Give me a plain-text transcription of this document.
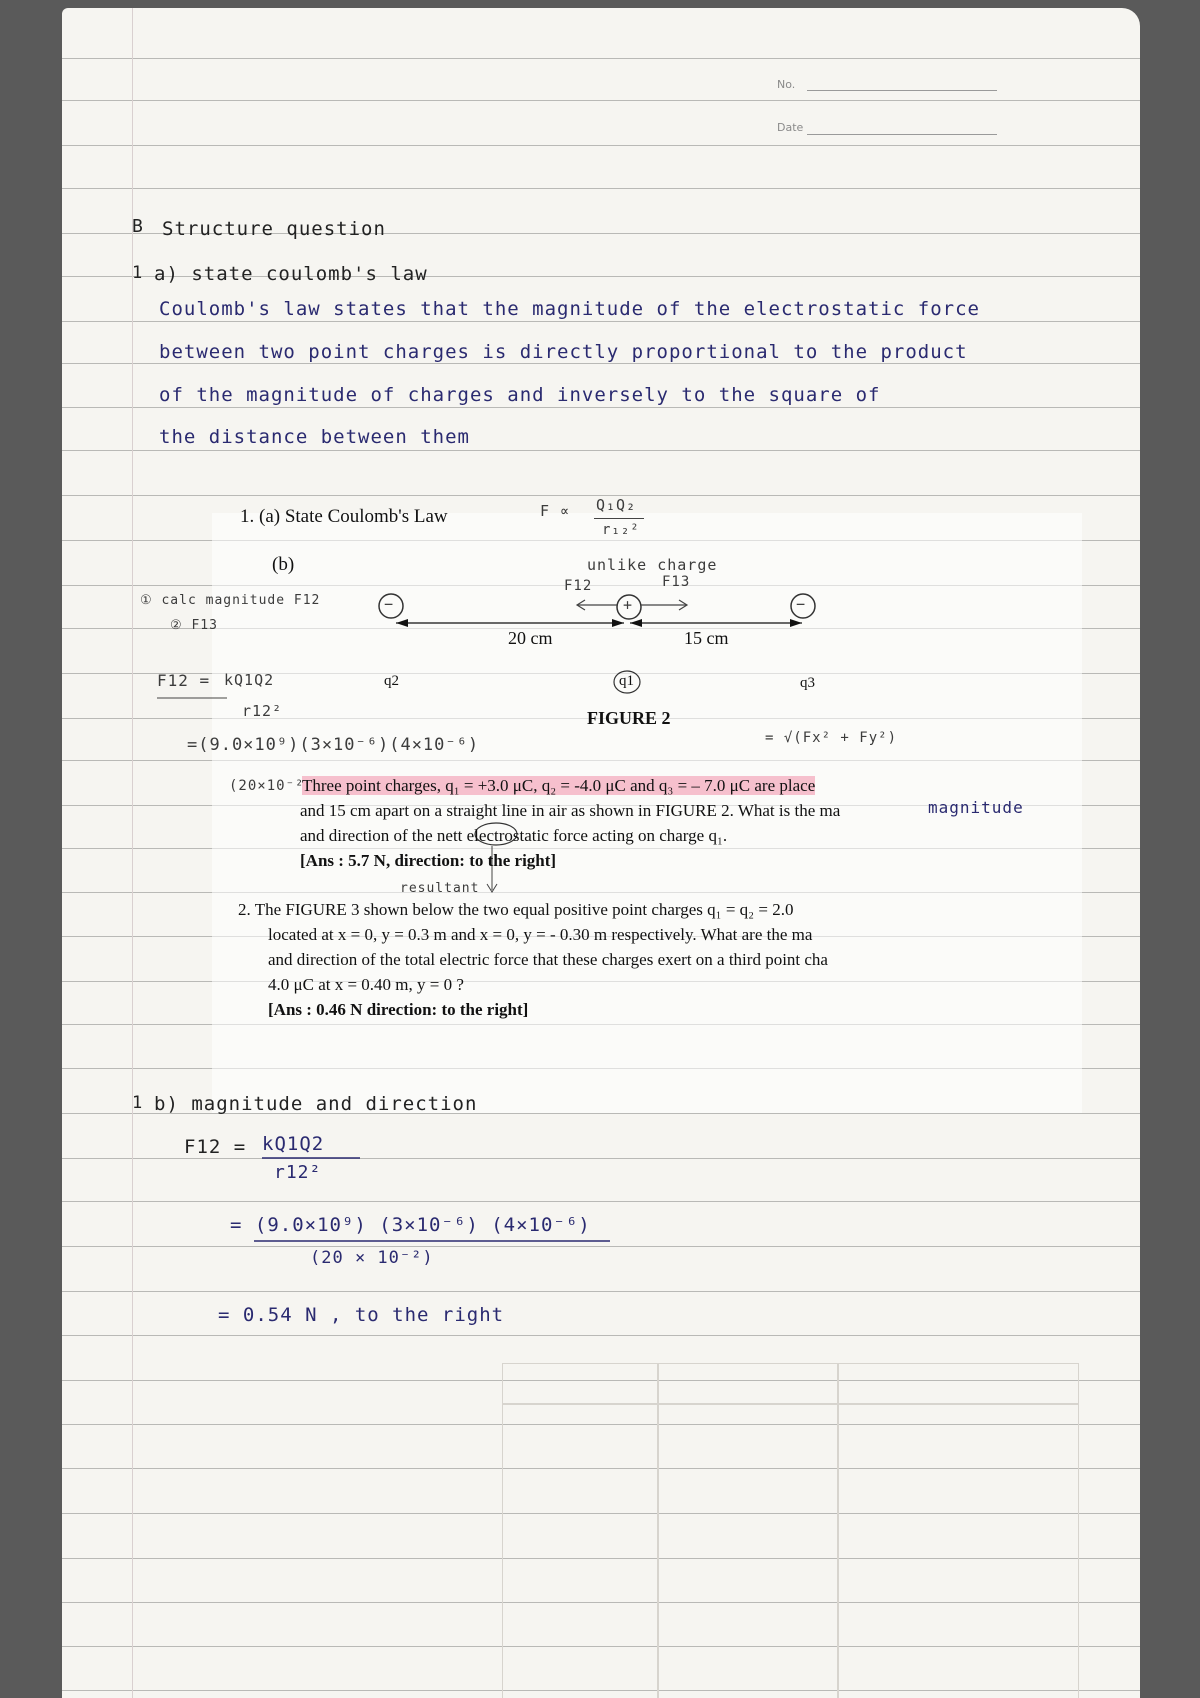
No.
Date
B Structure question
1 a) state coulomb's law
Coulomb's law states that the magnitude of the electrostatic force
between two point charges is directly proportional to the product
of the magnitude of charges and inversely to the square of
the distance between them
1. (a) State Coulomb's Law
(b)
F ∝ Q₁Q₂
r₁₂²
unlike charge
F12	F13
① calc magnitude F12
② F13
−	+	−
20 cm	15 cm
q2	q1	q3
FIGURE 2
F12 = kQ1Q2
r12²
=(9.0×10⁹)(3×10⁻⁶)(4×10⁻⁶)
(20×10⁻²
= √(Fx² + Fy²)
Three point charges, q₁ = +3.0 μC, q₂ = -4.0 μC and q₃ = – 7.0 μC are place
and 15 cm apart on a straight line in air as shown in FIGURE 2. What is the ma	magnitude
and direction of the nett electrostatic force acting on charge q₁.
[Ans : 5.7 N, direction: to the right]
resultant
2. The FIGURE 3 shown below the two equal positive point charges q₁ = q₂ = 2.0
located at x = 0, y = 0.3 m and x = 0, y = - 0.30 m respectively. What are the ma
and direction of the total electric force that these charges exert on a third point cha
4.0 μC at x = 0.40 m, y = 0 ?
[Ans : 0.46 N direction: to the right]
1 b) magnitude and direction
F12 = kQ1Q2
r12²
= (9.0×10⁹) (3×10⁻⁶) (4×10⁻⁶)
(20 × 10⁻²)
= 0.54 N , to the right
